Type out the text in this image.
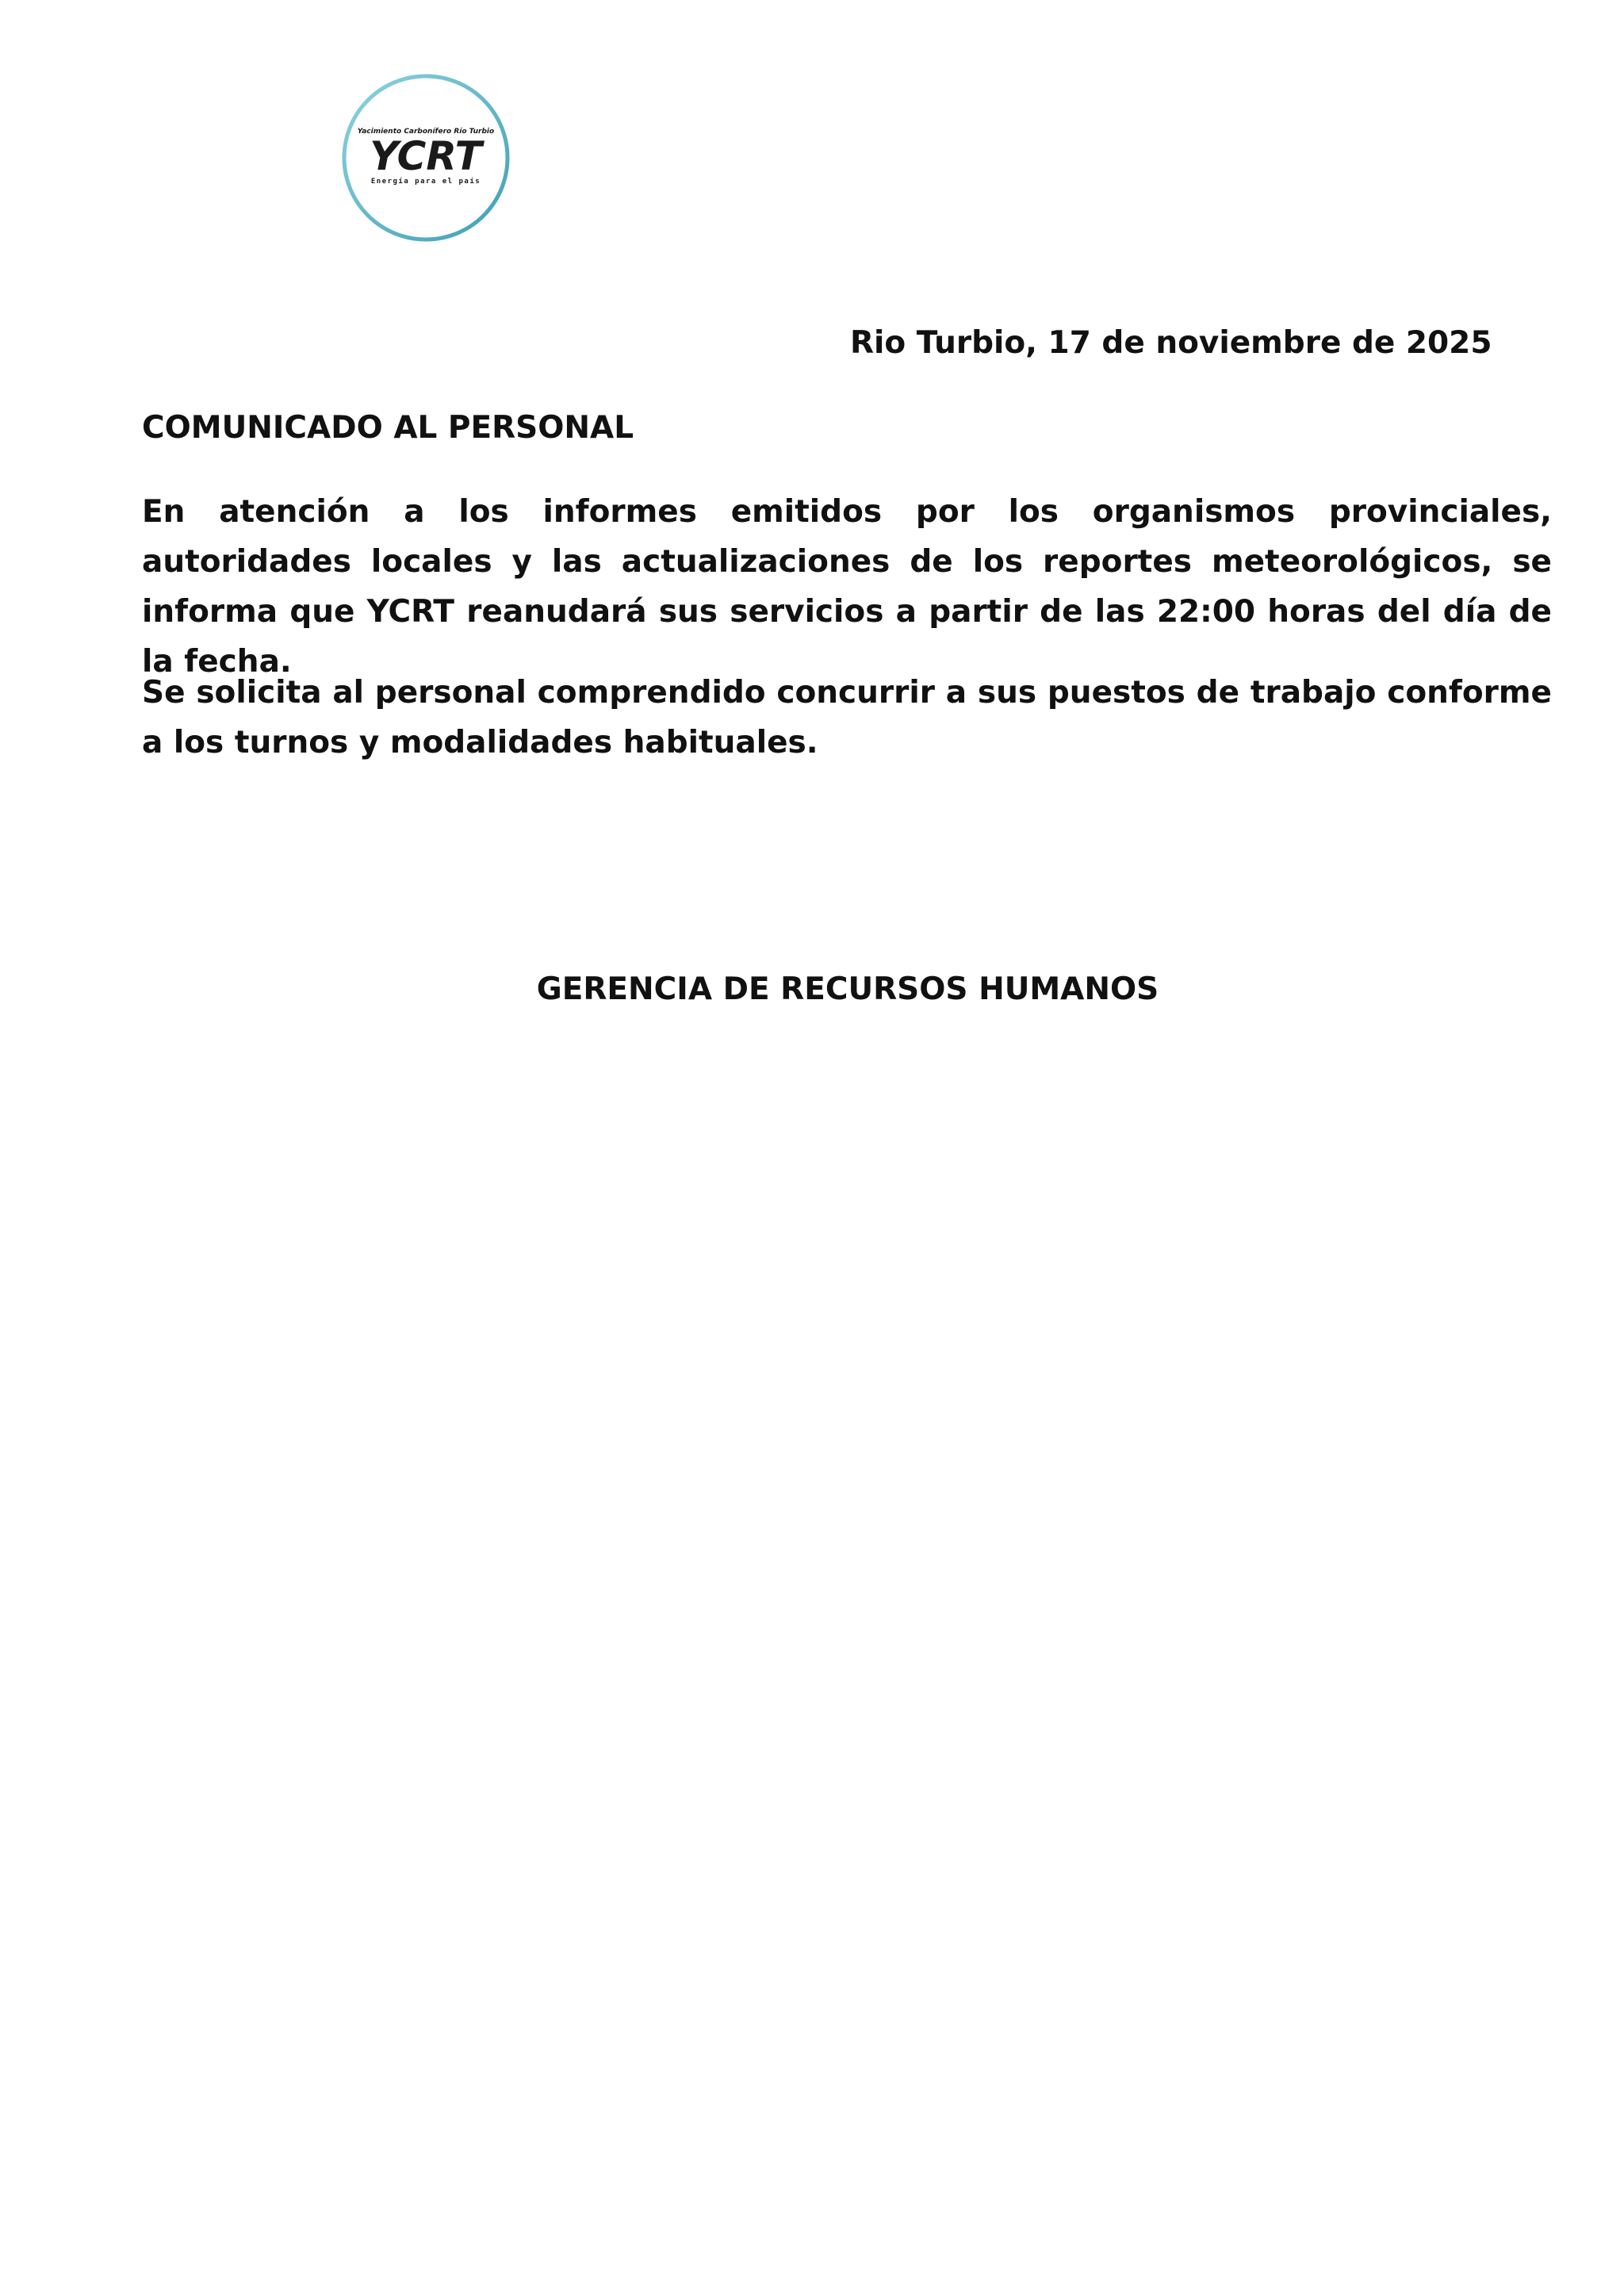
Yacimiento Carbonífero Río Turbio
YCRT
Energía para el país
Rio Turbio, 17 de noviembre de 2025
COMUNICADO AL PERSONAL

En atención a los informes emitidos por los organismos provinciales, autoridades locales y las actualizaciones de los reportes meteorológicos, se informa que YCRT reanudará sus servicios a partir de las 22:00 horas del día de la fecha.

Se solicita al personal comprendido concurrir a sus puestos de trabajo conforme a los turnos y modalidades habituales.

GERENCIA DE RECURSOS HUMANOS
